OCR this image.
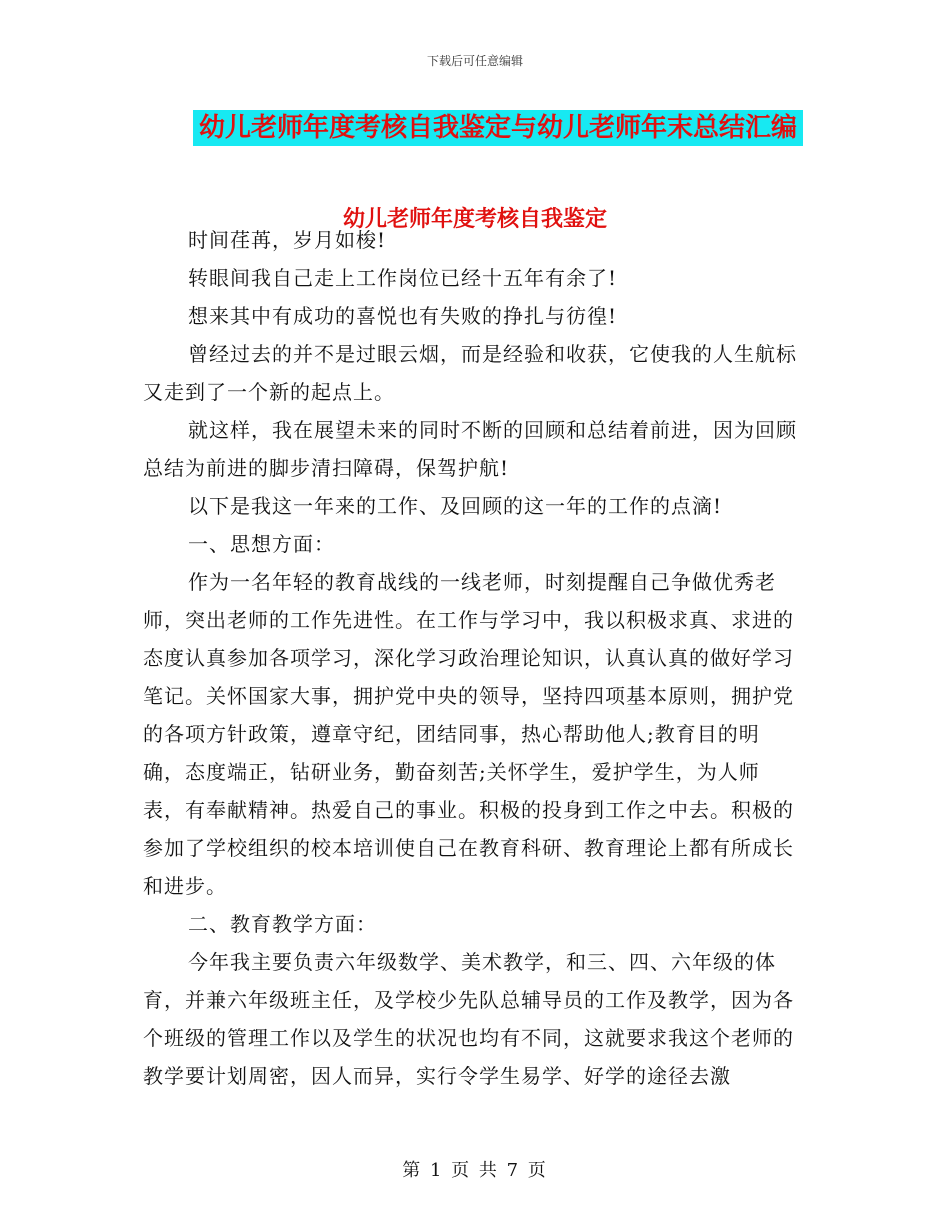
下载后可任意编辑
幼儿老师年度考核自我鉴定与幼儿老师年末总结汇编
幼儿老师年度考核自我鉴定

时间荏苒，岁月如梭!

转眼间我自己走上工作岗位已经十五年有余了!

想来其中有成功的喜悦也有失败的挣扎与彷徨!

曾经过去的并不是过眼云烟，而是经验和收获，它使我的人生航标又走到了一个新的起点上。

就这样，我在展望未来的同时不断的回顾和总结着前进，因为回顾总结为前进的脚步清扫障碍，保驾护航!

以下是我这一年来的工作、及回顾的这一年的工作的点滴!

一、思想方面：

作为一名年轻的教育战线的一线老师，时刻提醒自己争做优秀老师，突出老师的工作先进性。在工作与学习中，我以积极求真、求进的态度认真参加各项学习，深化学习政治理论知识，认真认真的做好学习笔记。关怀国家大事，拥护党中央的领导，坚持四项基本原则，拥护党的各项方针政策，遵章守纪，团结同事，热心帮助他人;教育目的明确，态度端正，钻研业务，勤奋刻苦;关怀学生，爱护学生，为人师表，有奉献精神。热爱自己的事业。积极的投身到工作之中去。积极的参加了学校组织的校本培训使自己在教育科研、教育理论上都有所成长和进步。

二、教育教学方面：

今年我主要负责六年级数学、美术教学，和三、四、六年级的体育，并兼六年级班主任，及学校少先队总辅导员的工作及教学，因为各个班级的管理工作以及学生的状况也均有不同，这就要求我这个老师的教学要计划周密，因人而异，实行令学生易学、好学的途径去激

第 1 页 共 7 页
